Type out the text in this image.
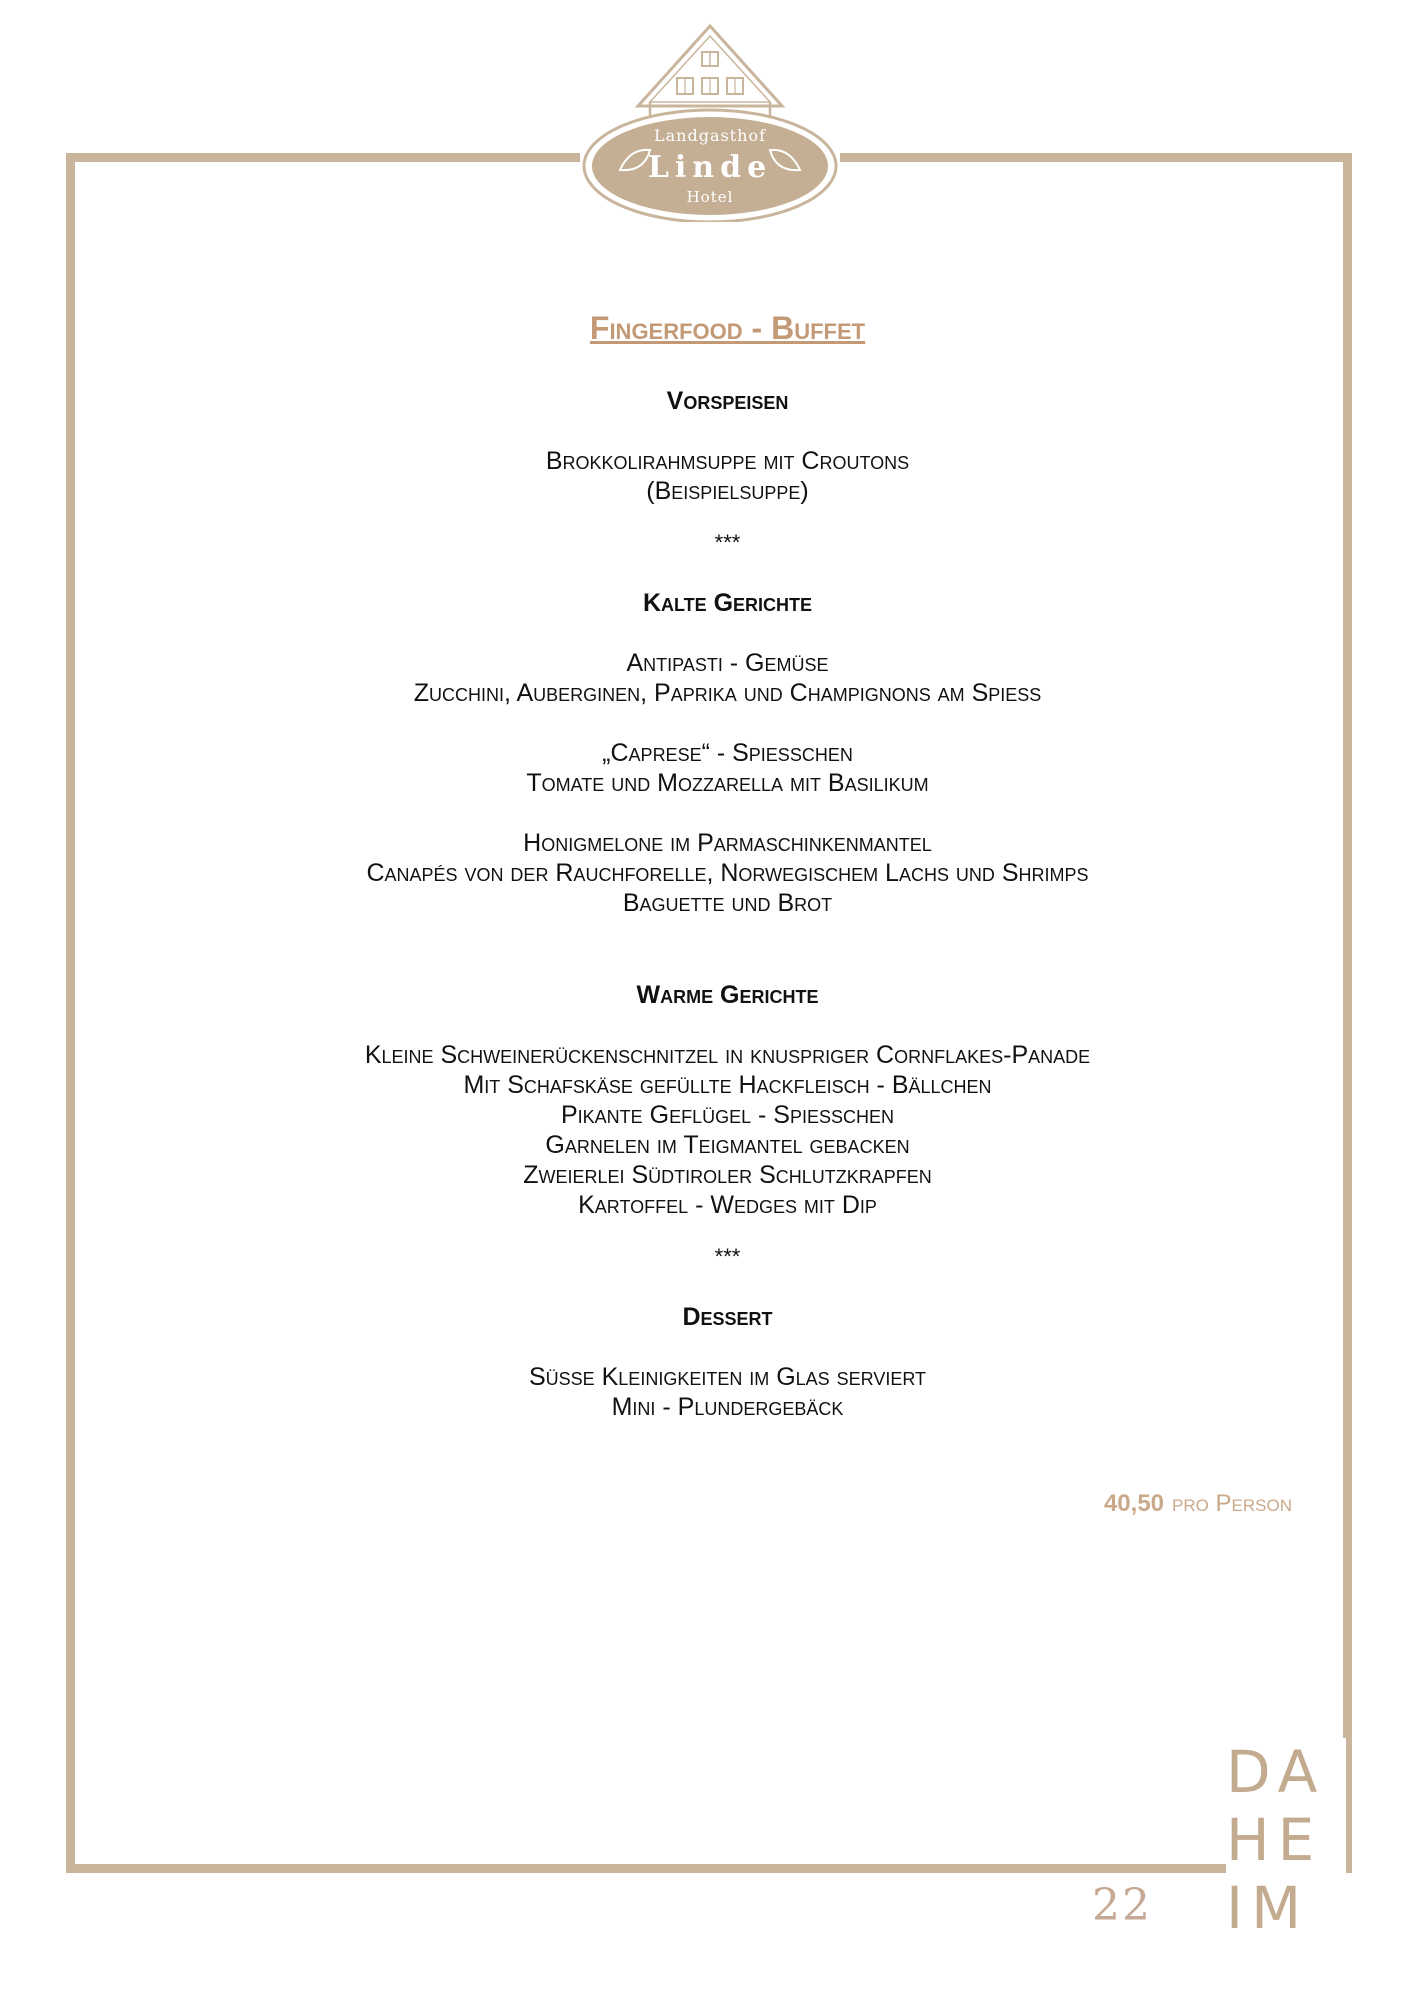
Landgasthof
Linde
Hotel
Fingerfood - Buffet
Vorspeisen
Brokkolirahmsuppe mit Croutons
(Beispielsuppe)
***
Kalte Gerichte
Antipasti - Gemüse
Zucchini, Auberginen, Paprika und Champignons am Spieß
„Caprese“ - Spießchen
Tomate und Mozzarella mit Basilikum
Honigmelone im Parmaschinkenmantel
Canapés von der Rauchforelle, Norwegischem Lachs und Shrimps
Baguette und Brot
Warme Gerichte
Kleine Schweinerückenschnitzel in knuspriger Cornflakes-Panade
Mit Schafskäse gefüllte Hackfleisch - Bällchen
Pikante Geflügel - Spießchen
Garnelen im Teigmantel gebacken
Zweierlei Südtiroler Schlutzkrapfen
Kartoffel - Wedges mit Dip
***
Dessert
Süße Kleinigkeiten im Glas serviert
Mini - Plundergebäck
40,50 pro Person
22
DA
HE
IM
